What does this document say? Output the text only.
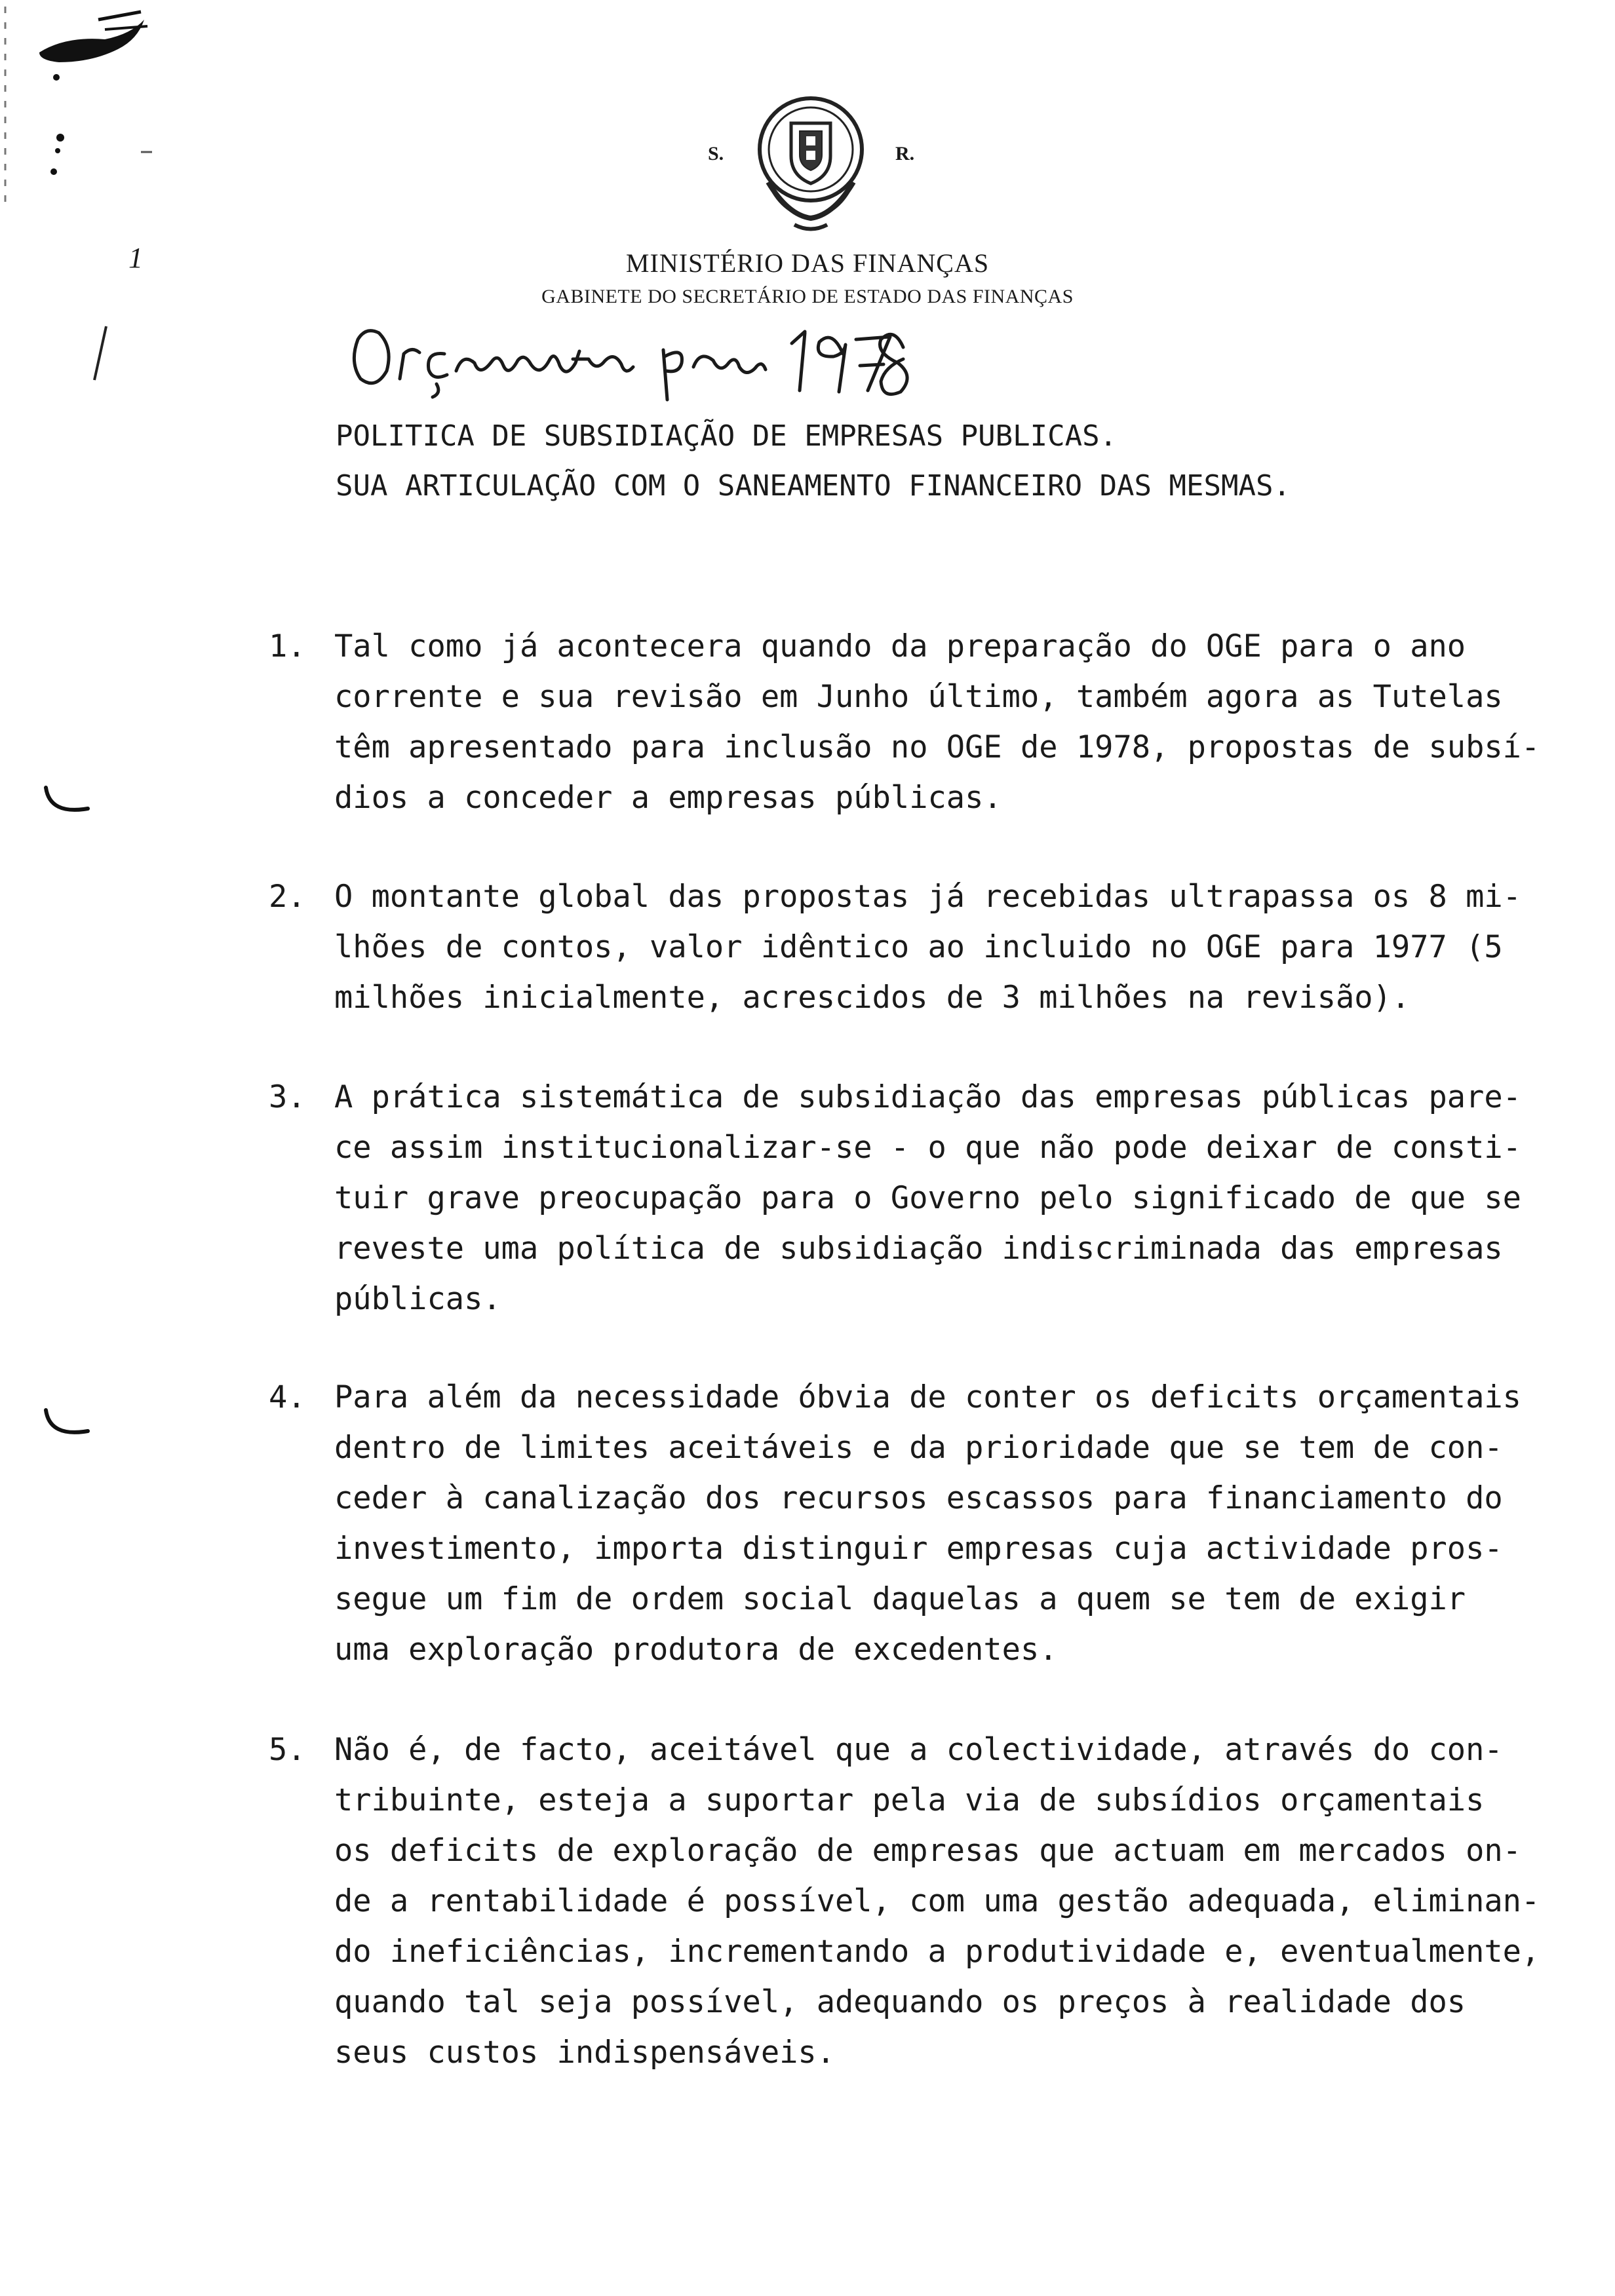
S.	R.
MINISTÉRIO DAS FINANÇAS
GABINETE DO SECRETÁRIO DE ESTADO DAS FINANÇAS
POLITICA DE SUBSIDIAÇÃO DE EMPRESAS PUBLICAS.
SUA ARTICULAÇÃO COM O SANEAMENTO FINANCEIRO DAS MESMAS.
1. Tal como já acontecera quando da preparação do OGE para o ano
corrente e sua revisão em Junho último, também agora as Tutelas
têm apresentado para inclusão no OGE de 1978, propostas de subsí-
dios a conceder a empresas públicas.
2. O montante global das propostas já recebidas ultrapassa os 8 mi-
lhões de contos, valor idêntico ao incluido no OGE para 1977 (5
milhões inicialmente, acrescidos de 3 milhões na revisão).
3. A prática sistemática de subsidiação das empresas públicas pare-
ce assim institucionalizar-se - o que não pode deixar de consti-
tuir grave preocupação para o Governo pelo significado de que se
reveste uma política de subsidiação indiscriminada das empresas
públicas.
4. Para além da necessidade óbvia de conter os deficits orçamentais
dentro de limites aceitáveis e da prioridade que se tem de con-
ceder à canalização dos recursos escassos para financiamento do
investimento, importa distinguir empresas cuja actividade pros-
segue um fim de ordem social daquelas a quem se tem de exigir
uma exploração produtora de excedentes.
5. Não é, de facto, aceitável que a colectividade, através do con-
tribuinte, esteja a suportar pela via de subsídios orçamentais
os deficits de exploração de empresas que actuam em mercados on-
de a rentabilidade é possível, com uma gestão adequada, eliminan-
do ineficiências, incrementando a produtividade e, eventualmente,
quando tal seja possível, adequando os preços à realidade dos
seus custos indispensáveis.
1
